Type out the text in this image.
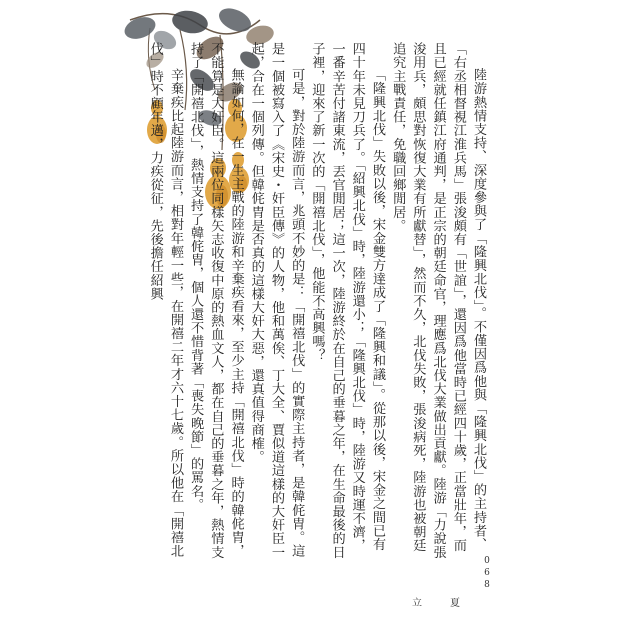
陸游熱情支持、深度參與了「隆興北伐」。不僅因爲他與「隆興北伐」的主持者、「右丞相督視江淮兵馬」張浚頗有「世誼」，還因爲他當時已經四十歲，正當壯年，而且已經就任鎮江府通判，是正宗的朝廷命官，理應爲北伐大業做出貢獻。陸游「力說張浚用兵，頗思對恢復大業有所獻替」，然而不久，北伐失敗，張浚病死，陸游也被朝廷追究主戰責任，免職回鄉閒居。

「隆興北伐」失敗以後，宋金雙方達成了「隆興和議」。從那以後，宋金之間已有四十年未見刀兵了。「紹興北伐」時，陸游還小；「隆興北伐」時，陸游又時運不濟，一番辛苦付諸東流，丟官閒居；這一次，陸游終於在自己的垂暮之年，在生命最後的日子裡，迎來了新一次的「開禧北伐」，他能不高興嗎？

可是，對於陸游而言，兆頭不妙的是：「開禧北伐」的實際主持者，是韓侂胄。這是一個被寫入了《宋史・奸臣傳》的人物，他和萬俟、丁大全、賈似道這樣的大奸臣一起，合在一個列傳。但韓侂胄是否真的這樣大奸大惡，還真值得商榷。

無論如何，在一生主戰的陸游和辛棄疾看來，至少主持「開禧北伐」時的韓侂胄，不能算是大奸臣。這兩位同樣矢志收復中原的熱血文人，都在自己的垂暮之年，熱情支持了「開禧北伐」，熱情支持了韓侂胄，個人還不惜背著「喪失晚節」的罵名。

辛棄疾比起陸游而言，相對年輕一些，在開禧二年才六十七歲。所以他在「開禧北伐」時不顧年邁，力疾從征，先後擔任紹興

068
立	夏
